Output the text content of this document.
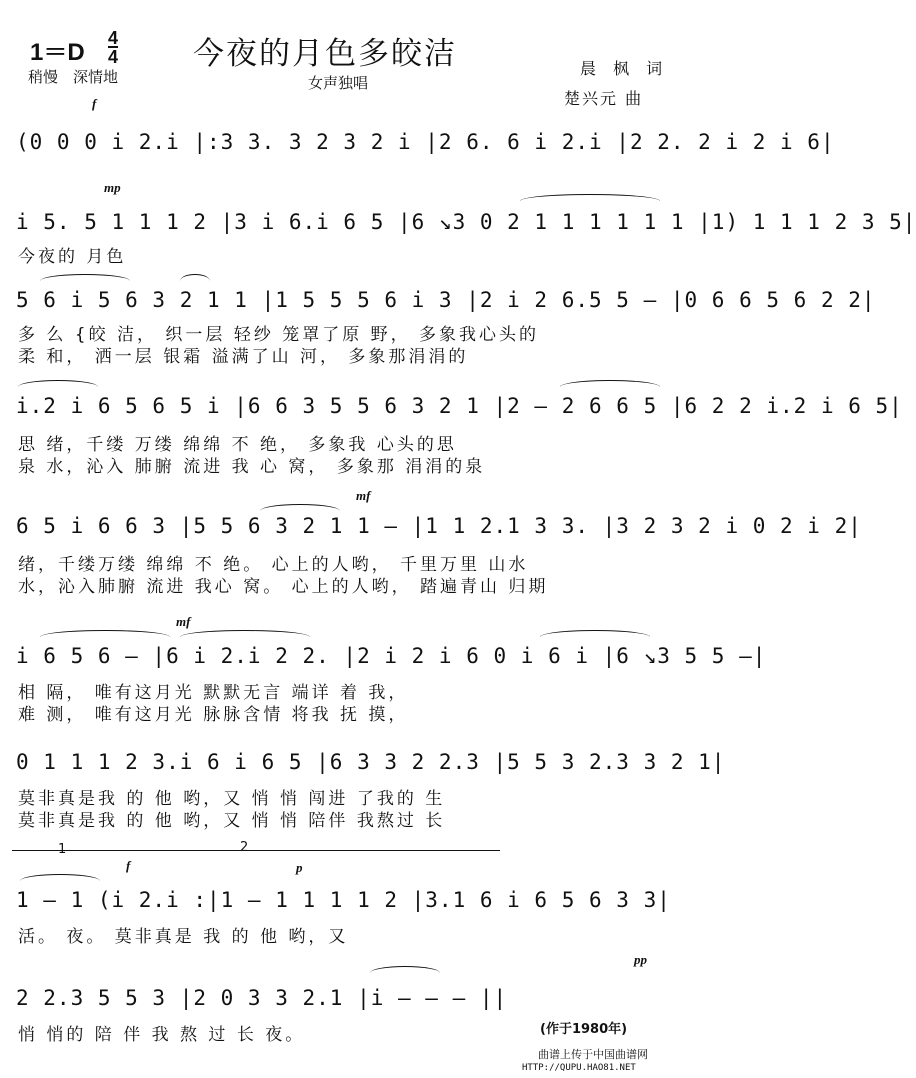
1＝D
4
4 今夜的月色多皎洁
稍慢　深情地	女声独唱
晨 枫 词
楚兴元 曲
f
(0 0 0 i 2.i |:3 3. 3 2 3 2 i |2 6. 6 i 2.i |2 2. 2 i 2 i 6|
mp
i 5. 5 1 1 1 2 |3 i 6.i 6 5 |6 ↘3 0 2 1 1 1 1 1 1 |1) 1 1 1 2 3 5|
今夜的 月色
5 6 i 5 6 3 2 1 1 |1 5 5 5 6 i 3 |2 i 2 6.5 5 — |0 6 6 5 6 2 2|
多 么 {皎 洁， 织一层 轻纱 笼罩了原 野， 多象我心头的
柔 和， 洒一层 银霜 溢满了山 河， 多象那涓涓的
i.2 i 6 5 6 5 i |6 6 3 5 5 6 3 2 1 |2 — 2 6 6 5 |6 2 2 i.2 i 6 5|
思 绪，千缕 万缕 绵绵 不 绝， 多象我 心头的思
泉 水，沁入 肺腑 流进 我 心 窝， 多象那 涓涓的泉
mf
6 5 i 6 6 3 |5 5 6 3 2 1 1 — |1 1 2.1 3 3. |3 2 3 2 i 0 2 i 2|
绪，千缕万缕 绵绵 不 绝。 心上的人哟， 千里万里 山水
水，沁入肺腑 流进 我心 窝。 心上的人哟， 踏遍青山 归期
mf
i 6 5 6 — |6 i 2.i 2 2. |2 i 2 i 6 0 i 6 i |6 ↘3 5 5 —|
相 隔， 唯有这月光 默默无言 端详 着 我，
难 测， 唯有这月光 脉脉含情 将我 抚 摸，
0 1 1 1 2 3.i 6 i 6 5 |6 3 3 2 2.3 |5 5 3 2.3 3 2 1|
莫非真是我 的 他 哟，又 悄 悄 闯进 了我的 生
莫非真是我 的 他 哟，又 悄 悄 陪伴 我熬过 长
1	2
f	p
1 — 1 (i 2.i :|1 — 1 1 1 1 2 |3.1 6 i 6 5 6 3 3|
活。 夜。 莫非真是 我 的 他 哟，又
pp
2 2.3 5 5 3 |2 0 3 3 2.1 |i — — — ||
悄 悄的 陪 伴 我 熬 过 长 夜。	(作于1980年)
曲谱上传于中国曲谱网
HTTP://QUPU.HAO81.NET
